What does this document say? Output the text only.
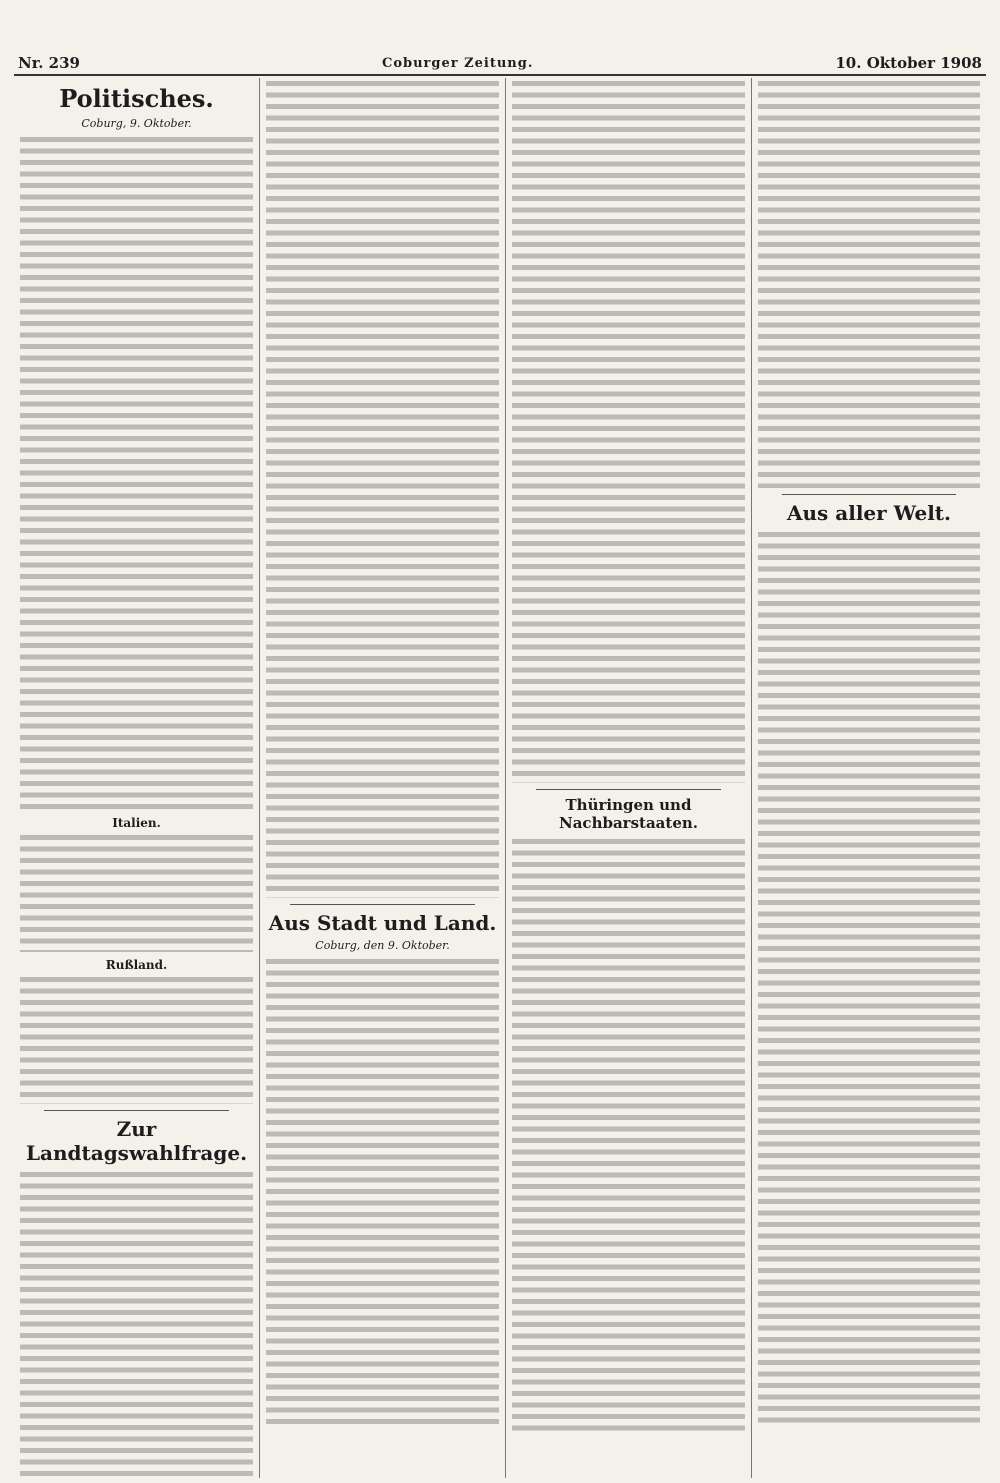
Nr. 239	Coburger Zeitung.	10. Oktober 1908
Politisches.
Coburg, 9. Oktober.
Italien.
Rußland.
Zur Landtagswahlfrage.
Aus Stadt und Land.
Coburg, den 9. Oktober.
Thüringen und Nachbarstaaten.
Aus aller Welt.
